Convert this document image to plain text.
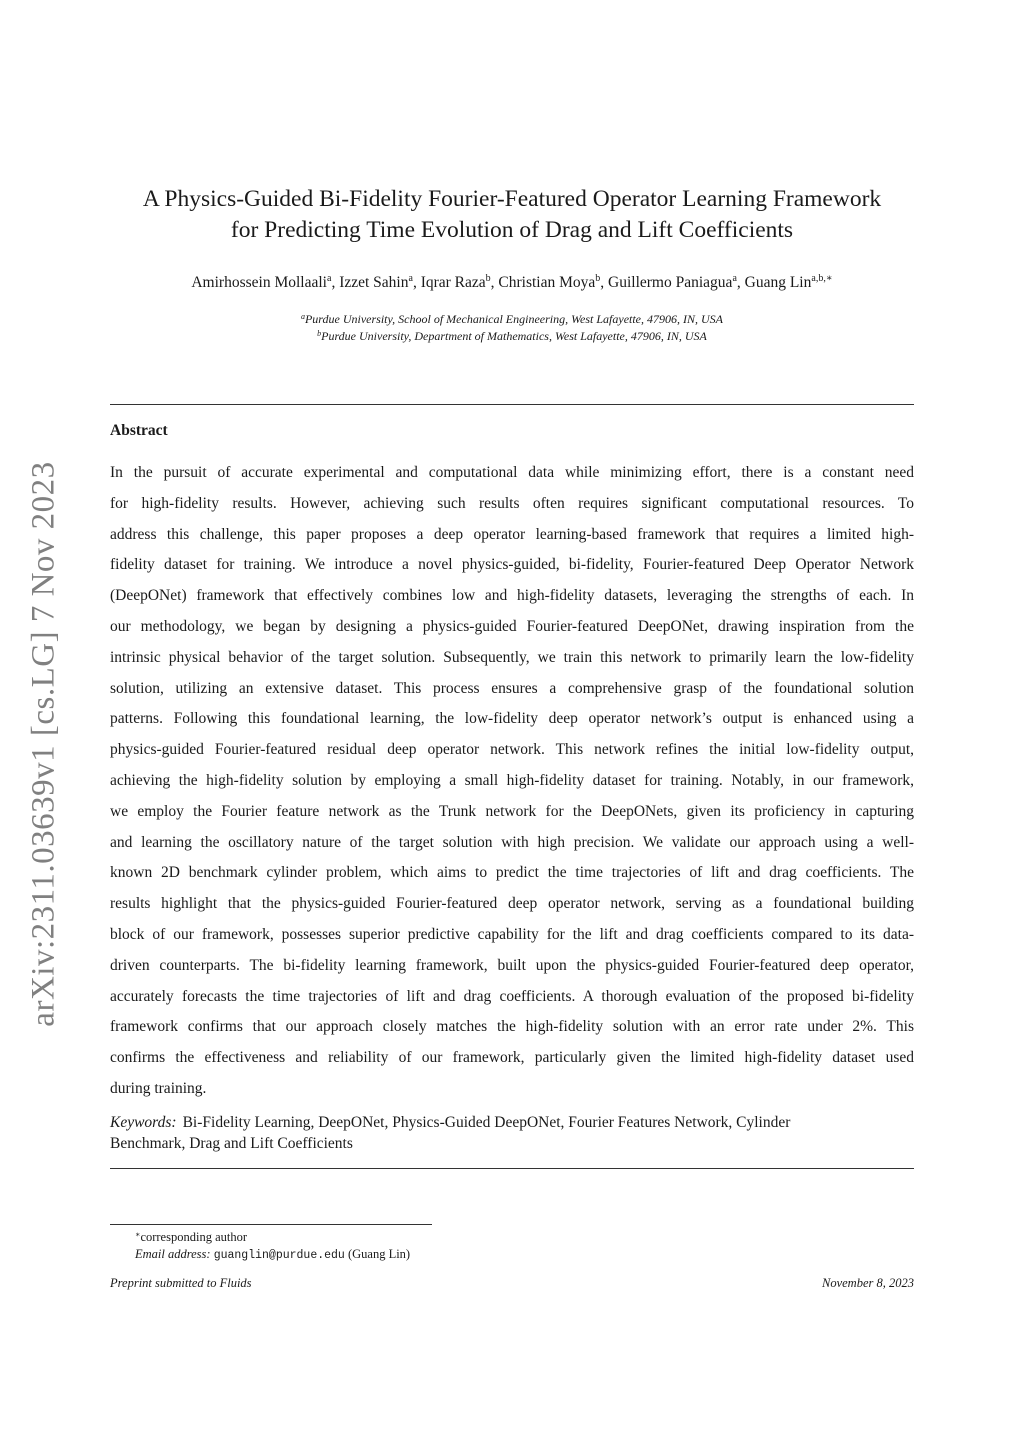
arXiv:2311.03639v1 [cs.LG] 7 Nov 2023
A Physics-Guided Bi-Fidelity Fourier-Featured Operator Learning Framework
for Predicting Time Evolution of Drag and Lift Coefficients
Amirhossein Mollaali$^a$, Izzet Sahin$^a$, Iqrar Raza$^b$, Christian Moya$^b$, Guillermo Paniagua$^a$, Guang Lin$^{a,b,∗}$
$^a$Purdue University, School of Mechanical Engineering, West Lafayette, 47906, IN, USA
$^b$Purdue University, Department of Mathematics, West Lafayette, 47906, IN, USA
Abstract
In the pursuit of accurate experimental and computational data while minimizing effort, there is a constant need
for high-fidelity results. However, achieving such results often requires significant computational resources. To
address this challenge, this paper proposes a deep operator learning-based framework that requires a limited high-
fidelity dataset for training. We introduce a novel physics-guided, bi-fidelity, Fourier-featured Deep Operator Network
(DeepONet) framework that effectively combines low and high-fidelity datasets, leveraging the strengths of each. In
our methodology, we began by designing a physics-guided Fourier-featured DeepONet, drawing inspiration from the
intrinsic physical behavior of the target solution. Subsequently, we train this network to primarily learn the low-fidelity
solution, utilizing an extensive dataset. This process ensures a comprehensive grasp of the foundational solution
patterns. Following this foundational learning, the low-fidelity deep operator network’s output is enhanced using a
physics-guided Fourier-featured residual deep operator network. This network refines the initial low-fidelity output,
achieving the high-fidelity solution by employing a small high-fidelity dataset for training. Notably, in our framework,
we employ the Fourier feature network as the Trunk network for the DeepONets, given its proficiency in capturing
and learning the oscillatory nature of the target solution with high precision. We validate our approach using a well-
known 2D benchmark cylinder problem, which aims to predict the time trajectories of lift and drag coefficients. The
results highlight that the physics-guided Fourier-featured deep operator network, serving as a foundational building
block of our framework, possesses superior predictive capability for the lift and drag coefficients compared to its data-
driven counterparts. The bi-fidelity learning framework, built upon the physics-guided Fourier-featured deep operator,
accurately forecasts the time trajectories of lift and drag coefficients. A thorough evaluation of the proposed bi-fidelity
framework confirms that our approach closely matches the high-fidelity solution with an error rate under 2%. This
confirms the effectiveness and reliability of our framework, particularly given the limited high-fidelity dataset used
during training.
Keywords: Bi-Fidelity Learning, DeepONet, Physics-Guided DeepONet, Fourier Features Network, Cylinder
Benchmark, Drag and Lift Coefficients
∗corresponding author
Email address: guanglin@purdue.edu (Guang Lin)
Preprint submitted to Fluids	November 8, 2023
